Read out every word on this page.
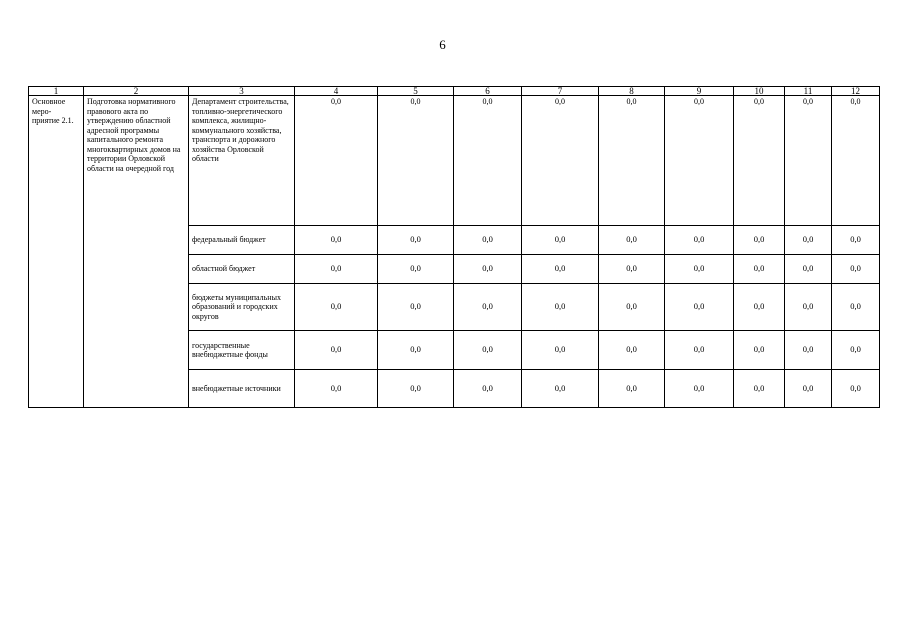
6
1	2	3	4	5	6	7	8	9	10	11	12
Основное меро-
приятие 2.1.	Подготовка нормативного правового акта по утверждению областной адресной программы капитального ремонта многоквартирных домов на территории Орловской области на очередной год	Департамент строительства, топливно-энергетического комплекса, жилищно-коммунального хозяйства, транспорта и дорожного хозяйства Орловской области	0,0	0,0	0,0	0,0	0,0	0,0	0,0	0,0	0,0
		федеральный бюджет	0,0	0,0	0,0	0,0	0,0	0,0	0,0	0,0	0,0
		областной бюджет	0,0	0,0	0,0	0,0	0,0	0,0	0,0	0,0	0,0
		бюджеты муниципальных образований и городских округов	0,0	0,0	0,0	0,0	0,0	0,0	0,0	0,0	0,0
		государственные внебюджетные фонды	0,0	0,0	0,0	0,0	0,0	0,0	0,0	0,0	0,0
		внебюджетные источники	0,0	0,0	0,0	0,0	0,0	0,0	0,0	0,0	0,0
